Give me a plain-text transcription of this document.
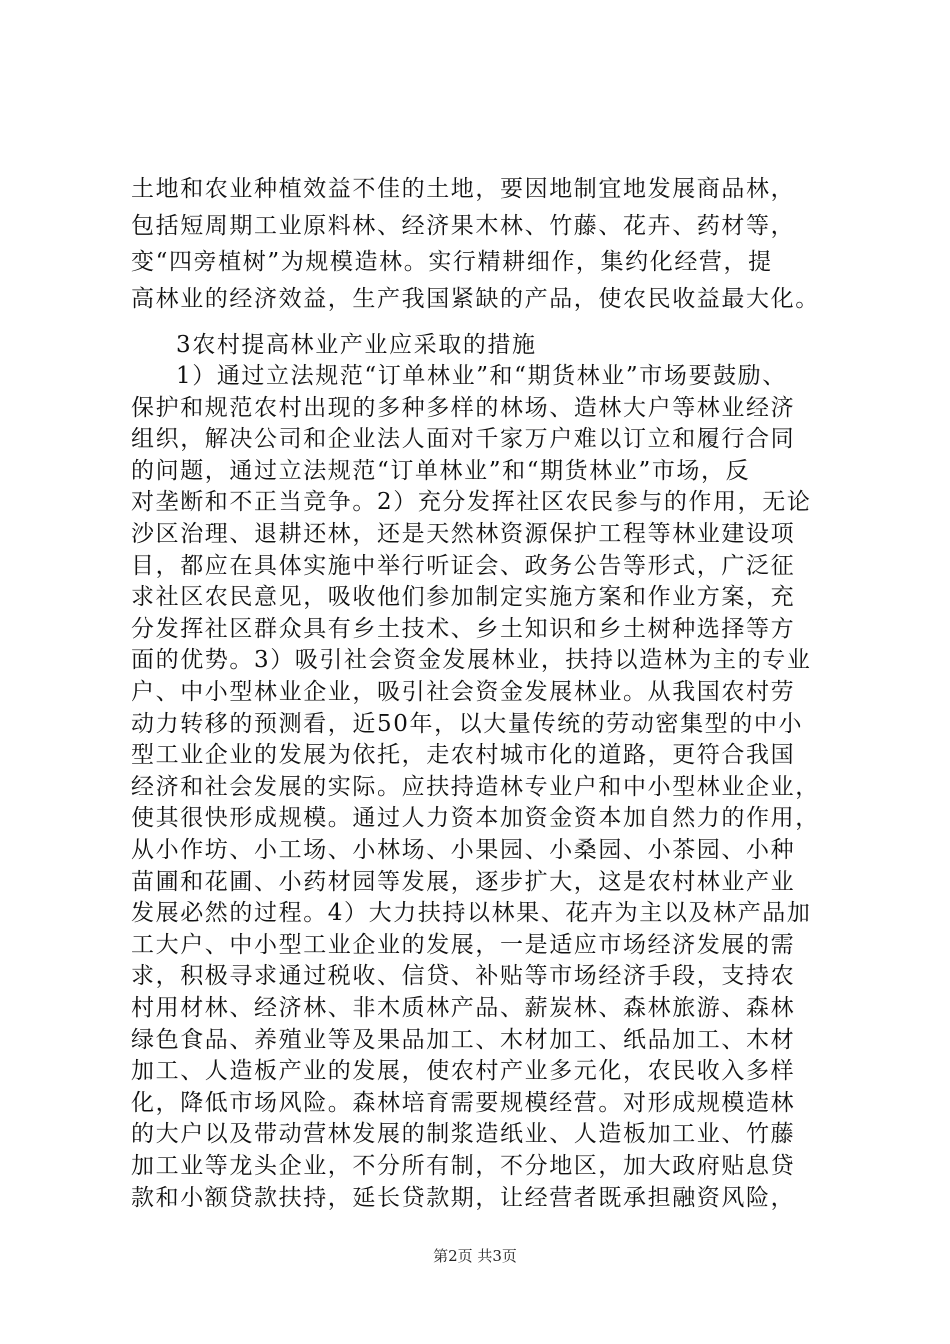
土地和农业种植效益不佳的土地，要因地制宜地发展商品林，
包括短周期工业原料林、经济果木林、竹藤、花卉、药材等，
变“四旁植树”为规模造林。实行精耕细作，集约化经营，提
高林业的经济效益，生产我国紧缺的产品，使农民收益最大化。
3农村提高林业产业应采取的措施
1）通过立法规范“订单林业”和“期货林业”市场要鼓励、
保护和规范农村出现的多种多样的林场、造林大户等林业经济
组织，解决公司和企业法人面对千家万户难以订立和履行合同
的问题，通过立法规范“订单林业”和“期货林业”市场，反
对垄断和不正当竞争。2）充分发挥社区农民参与的作用，无论
沙区治理、退耕还林，还是天然林资源保护工程等林业建设项
目，都应在具体实施中举行听证会、政务公告等形式，广泛征
求社区农民意见，吸收他们参加制定实施方案和作业方案，充
分发挥社区群众具有乡土技术、乡土知识和乡土树种选择等方
面的优势。3）吸引社会资金发展林业，扶持以造林为主的专业
户、中小型林业企业，吸引社会资金发展林业。从我国农村劳
动力转移的预测看，近50年，以大量传统的劳动密集型的中小
型工业企业的发展为依托，走农村城市化的道路，更符合我国
经济和社会发展的实际。应扶持造林专业户和中小型林业企业，
使其很快形成规模。通过人力资本加资金资本加自然力的作用，
从小作坊、小工场、小林场、小果园、小桑园、小茶园、小种
苗圃和花圃、小药材园等发展，逐步扩大，这是农村林业产业
发展必然的过程。4）大力扶持以林果、花卉为主以及林产品加
工大户、中小型工业企业的发展，一是适应市场经济发展的需
求，积极寻求通过税收、信贷、补贴等市场经济手段，支持农
村用材林、经济林、非木质林产品、薪炭林、森林旅游、森林
绿色食品、养殖业等及果品加工、木材加工、纸品加工、木材
加工、人造板产业的发展，使农村产业多元化，农民收入多样
化，降低市场风险。森林培育需要规模经营。对形成规模造林
的大户以及带动营林发展的制浆造纸业、人造板加工业、竹藤
加工业等龙头企业，不分所有制，不分地区，加大政府贴息贷
款和小额贷款扶持，延长贷款期，让经营者既承担融资风险，
第2页 共3页
